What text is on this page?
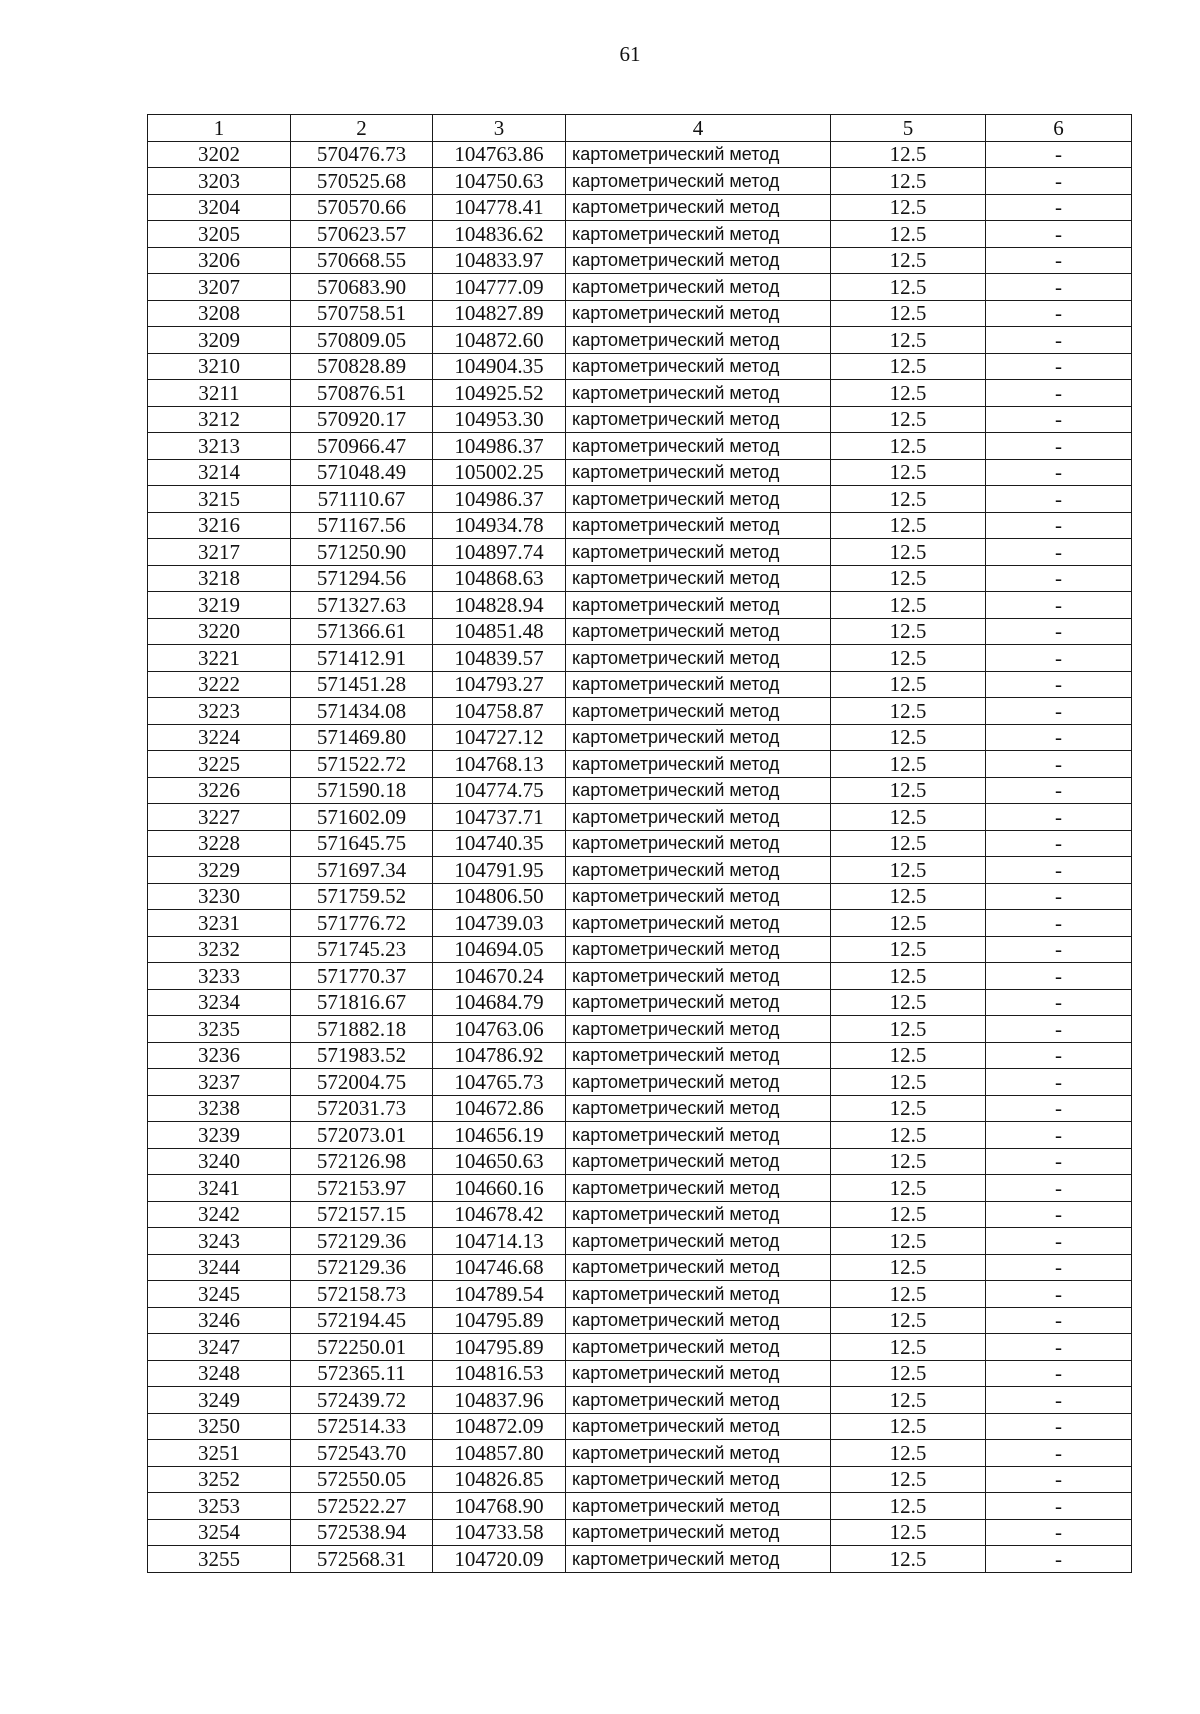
61
1	2	3	4	5	6
3202	570476.73	104763.86	картометрический метод	12.5	-
3203	570525.68	104750.63	картометрический метод	12.5	-
3204	570570.66	104778.41	картометрический метод	12.5	-
3205	570623.57	104836.62	картометрический метод	12.5	-
3206	570668.55	104833.97	картометрический метод	12.5	-
3207	570683.90	104777.09	картометрический метод	12.5	-
3208	570758.51	104827.89	картометрический метод	12.5	-
3209	570809.05	104872.60	картометрический метод	12.5	-
3210	570828.89	104904.35	картометрический метод	12.5	-
3211	570876.51	104925.52	картометрический метод	12.5	-
3212	570920.17	104953.30	картометрический метод	12.5	-
3213	570966.47	104986.37	картометрический метод	12.5	-
3214	571048.49	105002.25	картометрический метод	12.5	-
3215	571110.67	104986.37	картометрический метод	12.5	-
3216	571167.56	104934.78	картометрический метод	12.5	-
3217	571250.90	104897.74	картометрический метод	12.5	-
3218	571294.56	104868.63	картометрический метод	12.5	-
3219	571327.63	104828.94	картометрический метод	12.5	-
3220	571366.61	104851.48	картометрический метод	12.5	-
3221	571412.91	104839.57	картометрический метод	12.5	-
3222	571451.28	104793.27	картометрический метод	12.5	-
3223	571434.08	104758.87	картометрический метод	12.5	-
3224	571469.80	104727.12	картометрический метод	12.5	-
3225	571522.72	104768.13	картометрический метод	12.5	-
3226	571590.18	104774.75	картометрический метод	12.5	-
3227	571602.09	104737.71	картометрический метод	12.5	-
3228	571645.75	104740.35	картометрический метод	12.5	-
3229	571697.34	104791.95	картометрический метод	12.5	-
3230	571759.52	104806.50	картометрический метод	12.5	-
3231	571776.72	104739.03	картометрический метод	12.5	-
3232	571745.23	104694.05	картометрический метод	12.5	-
3233	571770.37	104670.24	картометрический метод	12.5	-
3234	571816.67	104684.79	картометрический метод	12.5	-
3235	571882.18	104763.06	картометрический метод	12.5	-
3236	571983.52	104786.92	картометрический метод	12.5	-
3237	572004.75	104765.73	картометрический метод	12.5	-
3238	572031.73	104672.86	картометрический метод	12.5	-
3239	572073.01	104656.19	картометрический метод	12.5	-
3240	572126.98	104650.63	картометрический метод	12.5	-
3241	572153.97	104660.16	картометрический метод	12.5	-
3242	572157.15	104678.42	картометрический метод	12.5	-
3243	572129.36	104714.13	картометрический метод	12.5	-
3244	572129.36	104746.68	картометрический метод	12.5	-
3245	572158.73	104789.54	картометрический метод	12.5	-
3246	572194.45	104795.89	картометрический метод	12.5	-
3247	572250.01	104795.89	картометрический метод	12.5	-
3248	572365.11	104816.53	картометрический метод	12.5	-
3249	572439.72	104837.96	картометрический метод	12.5	-
3250	572514.33	104872.09	картометрический метод	12.5	-
3251	572543.70	104857.80	картометрический метод	12.5	-
3252	572550.05	104826.85	картометрический метод	12.5	-
3253	572522.27	104768.90	картометрический метод	12.5	-
3254	572538.94	104733.58	картометрический метод	12.5	-
3255	572568.31	104720.09	картометрический метод	12.5	-
